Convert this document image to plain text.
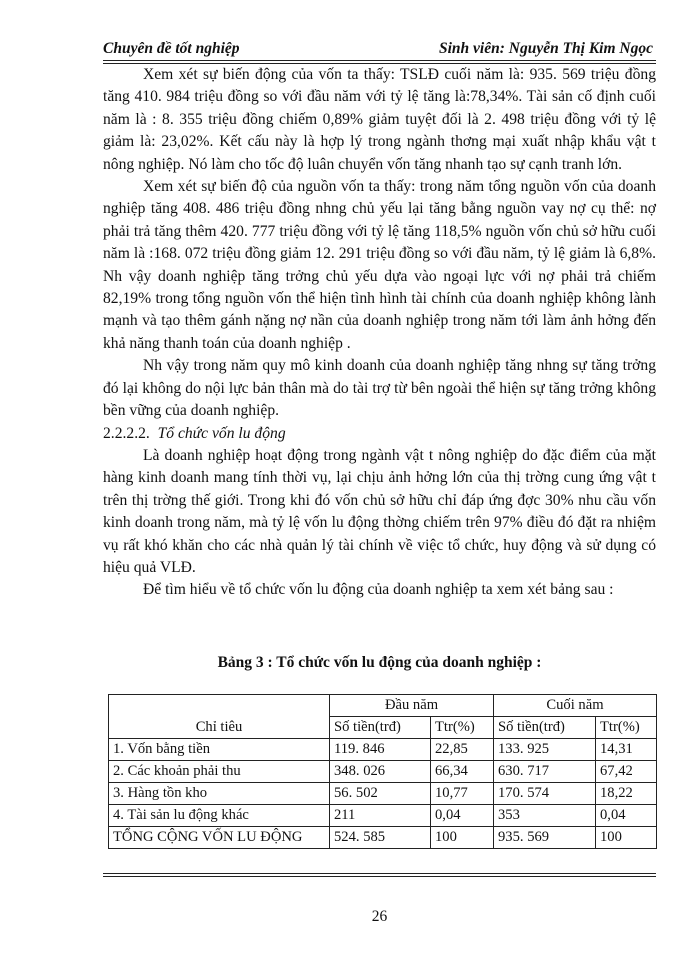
Chuyên đề tốt nghiệp	Sinh viên: Nguyễn Thị Kim Ngọc

Xem xét sự biến động của vốn ta thấy: TSLĐ cuối năm là: 935. 569 triệu đồng tăng 410. 984 triệu đồng so với đầu năm với tỷ lệ tăng là:78,34%. Tài sản cố định cuối năm là : 8. 355 triệu đồng chiếm 0,89% giảm tuyệt đối là 2. 498 triệu đồng với tỷ lệ giảm là: 23,02%. Kết cấu này là hợp lý trong ngành thơng mại xuất nhập khẩu vật t nông nghiệp. Nó làm cho tốc độ luân chuyển vốn tăng nhanh tạo sự cạnh tranh lớn.

Xem xét sự biến độ của nguồn vốn ta thấy: trong năm tổng nguồn vốn của doanh nghiệp tăng 408. 486 triệu đồng nhng chủ yếu lại tăng bằng nguồn vay nợ cụ thể: nợ phải trả tăng thêm 420. 777 triệu đồng với tỷ lệ tăng 118,5% nguồn vốn chủ sở hữu cuối năm là :168. 072 triệu đồng giảm 12. 291 triệu đồng so với đầu năm, tỷ lệ giảm là 6,8%. Nh vậy doanh nghiệp tăng trởng chủ yếu dựa vào ngoại lực với nợ phải trả chiếm 82,19% trong tổng nguồn vốn thể hiện tình hình tài chính của doanh nghiệp không lành mạnh và tạo thêm gánh nặng nợ nần của doanh nghiệp trong năm tới làm ảnh hởng đến khả năng thanh toán của doanh nghiệp .

Nh vậy trong năm quy mô kinh doanh của doanh nghiệp tăng nhng sự tăng trởng đó lại không do nội lực bản thân mà do tài trợ từ bên ngoài thể hiện sự tăng trởng không bền vững của doanh nghiệp.

2.2.2.2. Tổ chức vốn lu động

Là doanh nghiệp hoạt động trong ngành vật t nông nghiệp do đặc điểm của mặt hàng kinh doanh mang tính thời vụ, lại chịu ảnh hởng lớn của thị trờng cung ứng vật t trên thị trờng thế giới. Trong khi đó vốn chủ sở hữu chỉ đáp ứng đợc 30% nhu cầu vốn kinh doanh trong năm, mà tỷ lệ vốn lu động thờng chiếm trên 97% điều đó đặt ra nhiệm vụ rất khó khăn cho các nhà quản lý tài chính về việc tổ chức, huy động và sử dụng có hiệu quả VLĐ.

Để tìm hiểu về tổ chức vốn lu động của doanh nghiệp ta xem xét bảng sau :

Bảng 3 : Tổ chức vốn lu động của doanh nghiệp :
Chỉ tiêu	Đầu năm		Cuối năm	
	Số tiền(trđ)	Ttr(%)	Số tiền(trđ)	Ttr(%)
1. Vốn bằng tiền	119. 846	22,85	133. 925	14,31
2. Các khoản phải thu	348. 026	66,34	630. 717	67,42
3. Hàng tồn kho	56. 502	10,77	170. 574	18,22
4. Tài sản lu động khác	211	0,04	353	0,04
TỔNG CỘNG VỐN LU ĐỘNG	524. 585	100	935. 569	100
26
